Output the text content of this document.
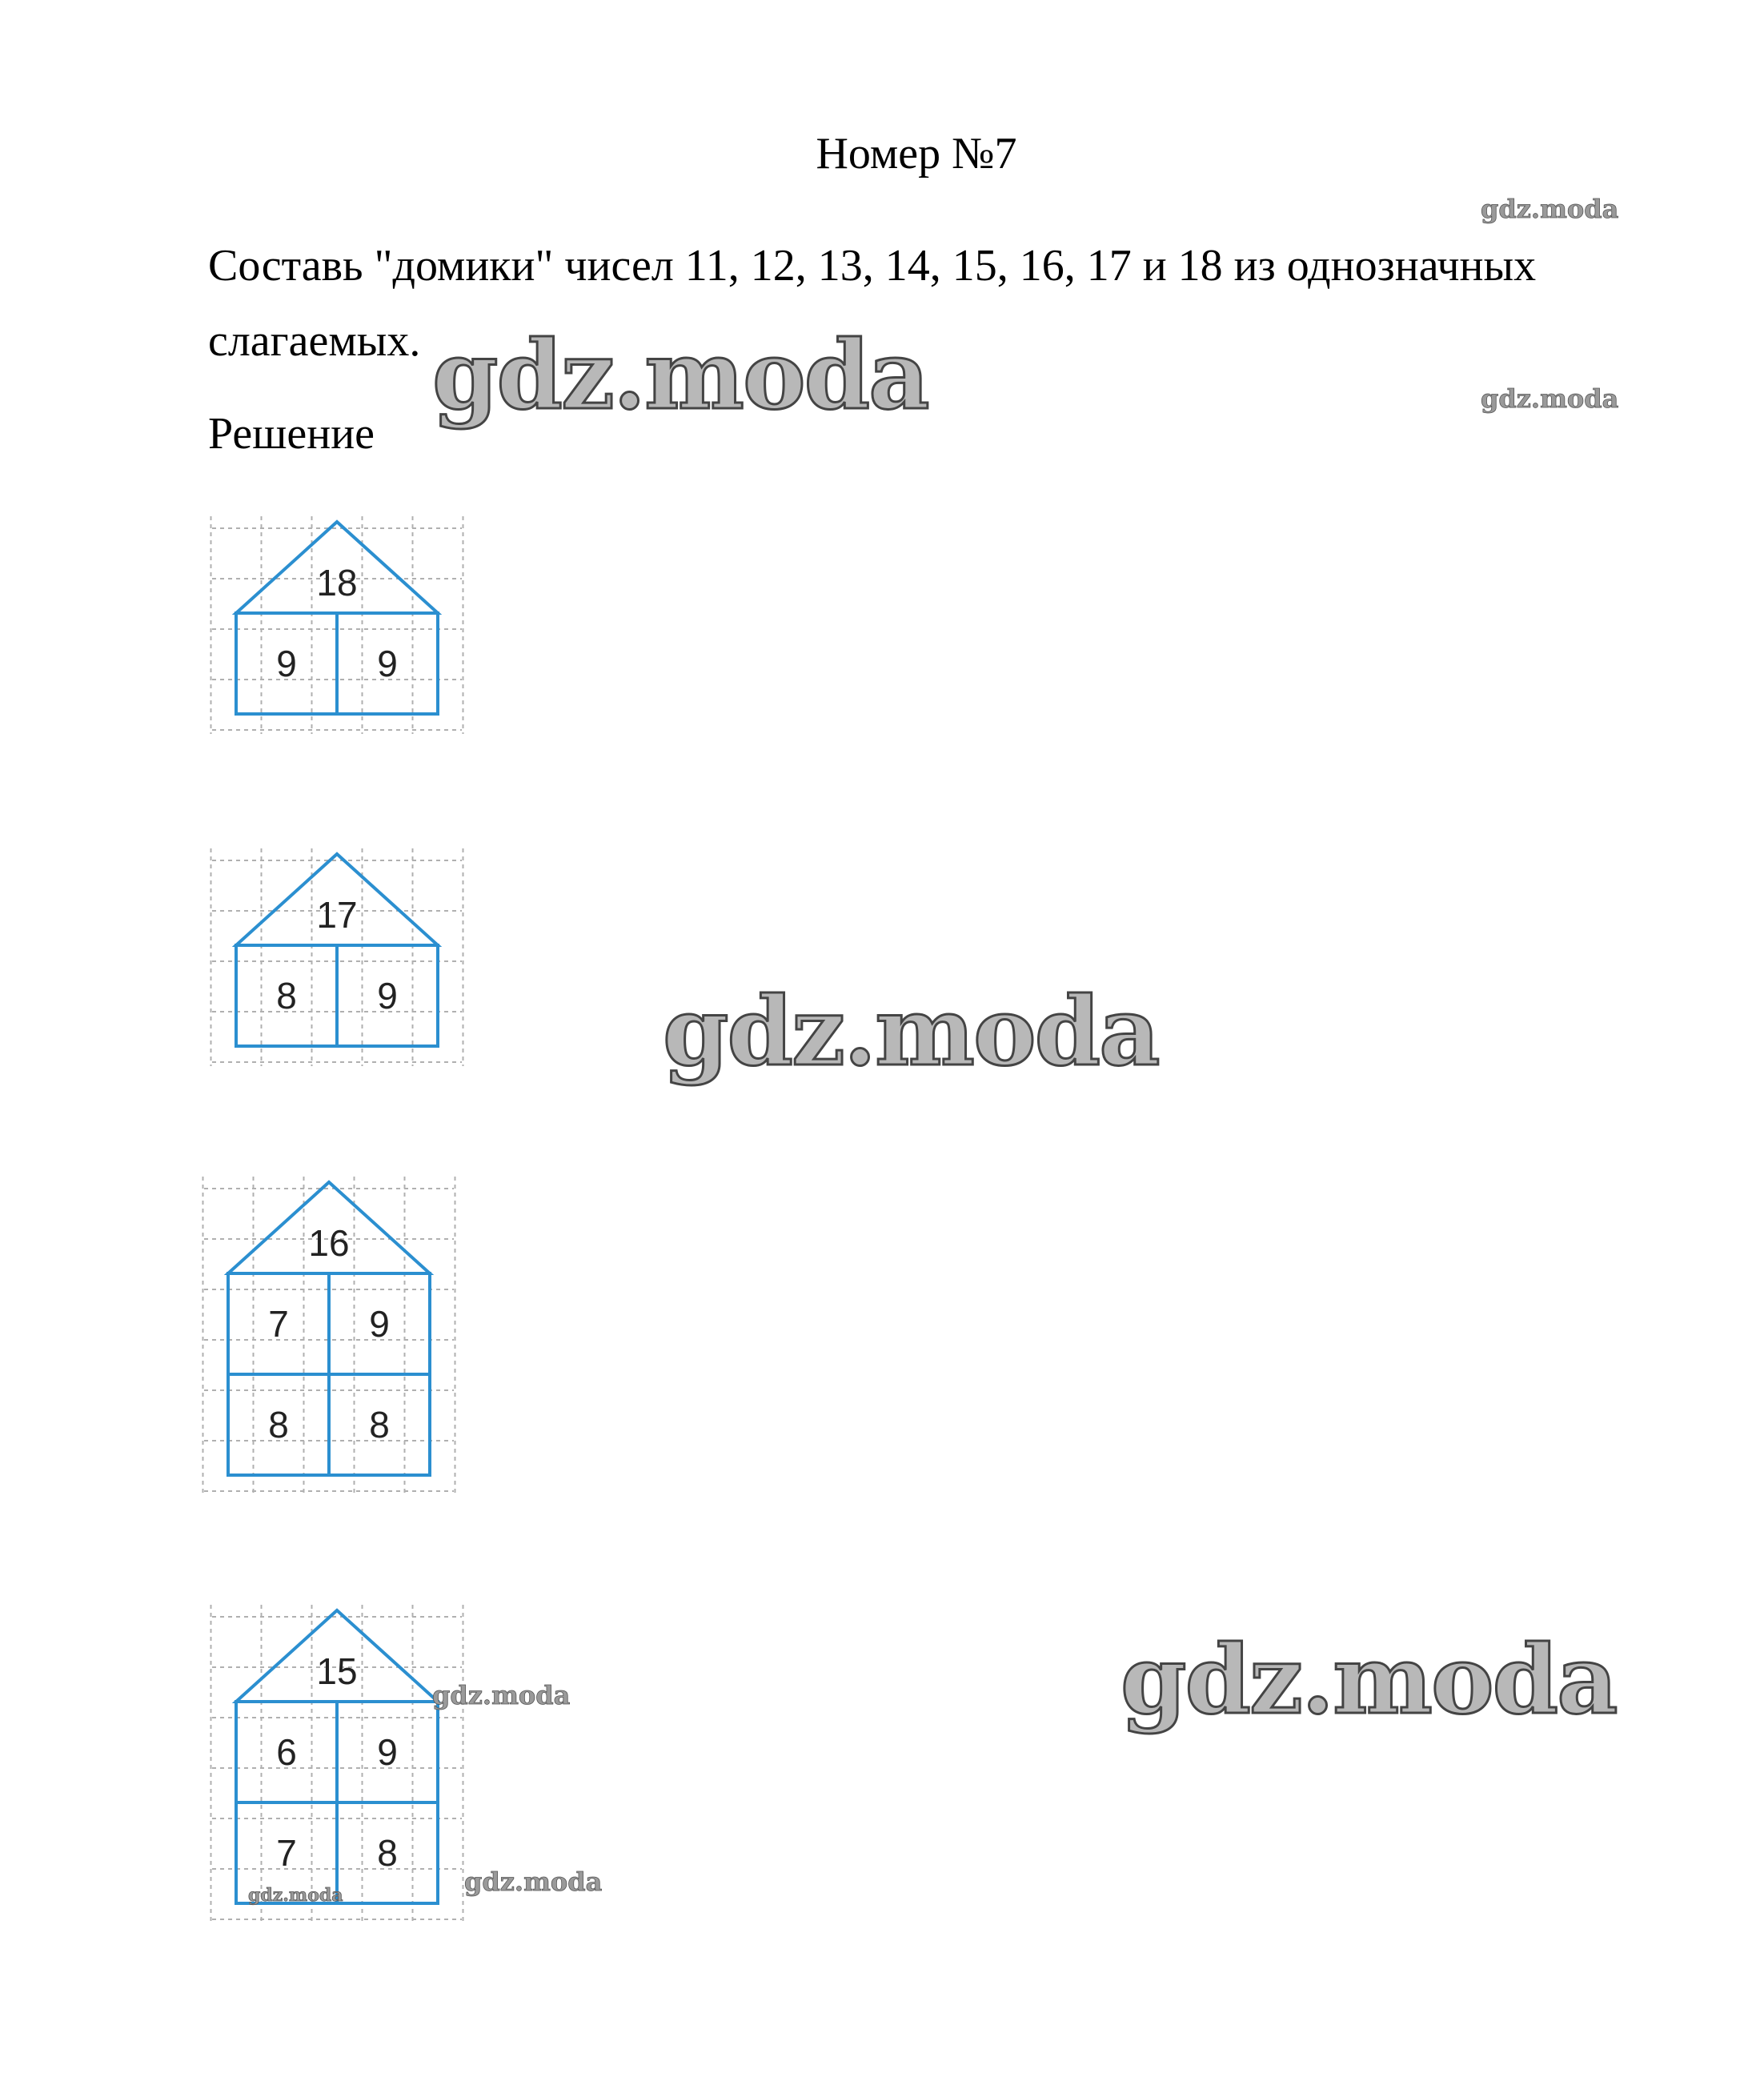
Номер №7
Составь "домики" чисел 11, 12, 13, 14, 15, 16, 17 и 18 из однозначных слагаемых.
Решение
18
9 9
17
8 9
16
7 9
8 8
15
6 9
7 8
gdz.moda
gdz.moda
gdz.moda
gdz.moda
gdz.moda
gdz.moda
gdz.moda
gdz.moda
